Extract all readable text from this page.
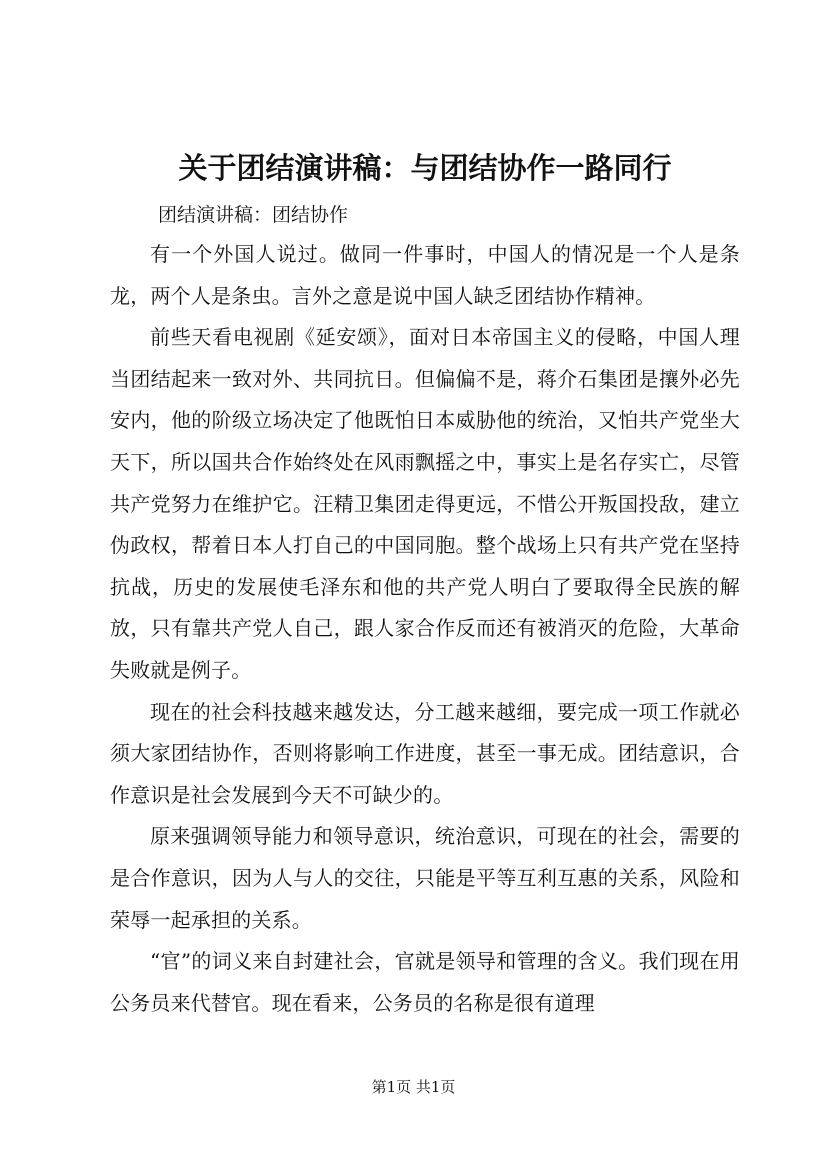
关于团结演讲稿：与团结协作一路同行
团结演讲稿：团结协作

有一个外国人说过。做同一件事时，中国人的情况是一个人是条龙，两个人是条虫。言外之意是说中国人缺乏团结协作精神。

前些天看电视剧《延安颂》，面对日本帝国主义的侵略，中国人理当团结起来一致对外、共同抗日。但偏偏不是，蒋介石集团是攘外必先安内，他的阶级立场决定了他既怕日本威胁他的统治，又怕共产党坐大天下，所以国共合作始终处在风雨飘摇之中，事实上是名存实亡，尽管共产党努力在维护它。汪精卫集团走得更远，不惜公开叛国投敌，建立伪政权，帮着日本人打自己的中国同胞。整个战场上只有共产党在坚持抗战，历史的发展使毛泽东和他的共产党人明白了要取得全民族的解放，只有靠共产党人自己，跟人家合作反而还有被消灭的危险，大革命失败就是例子。

现在的社会科技越来越发达，分工越来越细，要完成一项工作就必须大家团结协作，否则将影响工作进度，甚至一事无成。团结意识，合作意识是社会发展到今天不可缺少的。

原来强调领导能力和领导意识，统治意识，可现在的社会，需要的是合作意识，因为人与人的交往，只能是平等互利互惠的关系，风险和荣辱一起承担的关系。

“官”的词义来自封建社会，官就是领导和管理的含义。我们现在用公务员来代替官。现在看来，公务员的名称是很有道理

第1页 共1页
